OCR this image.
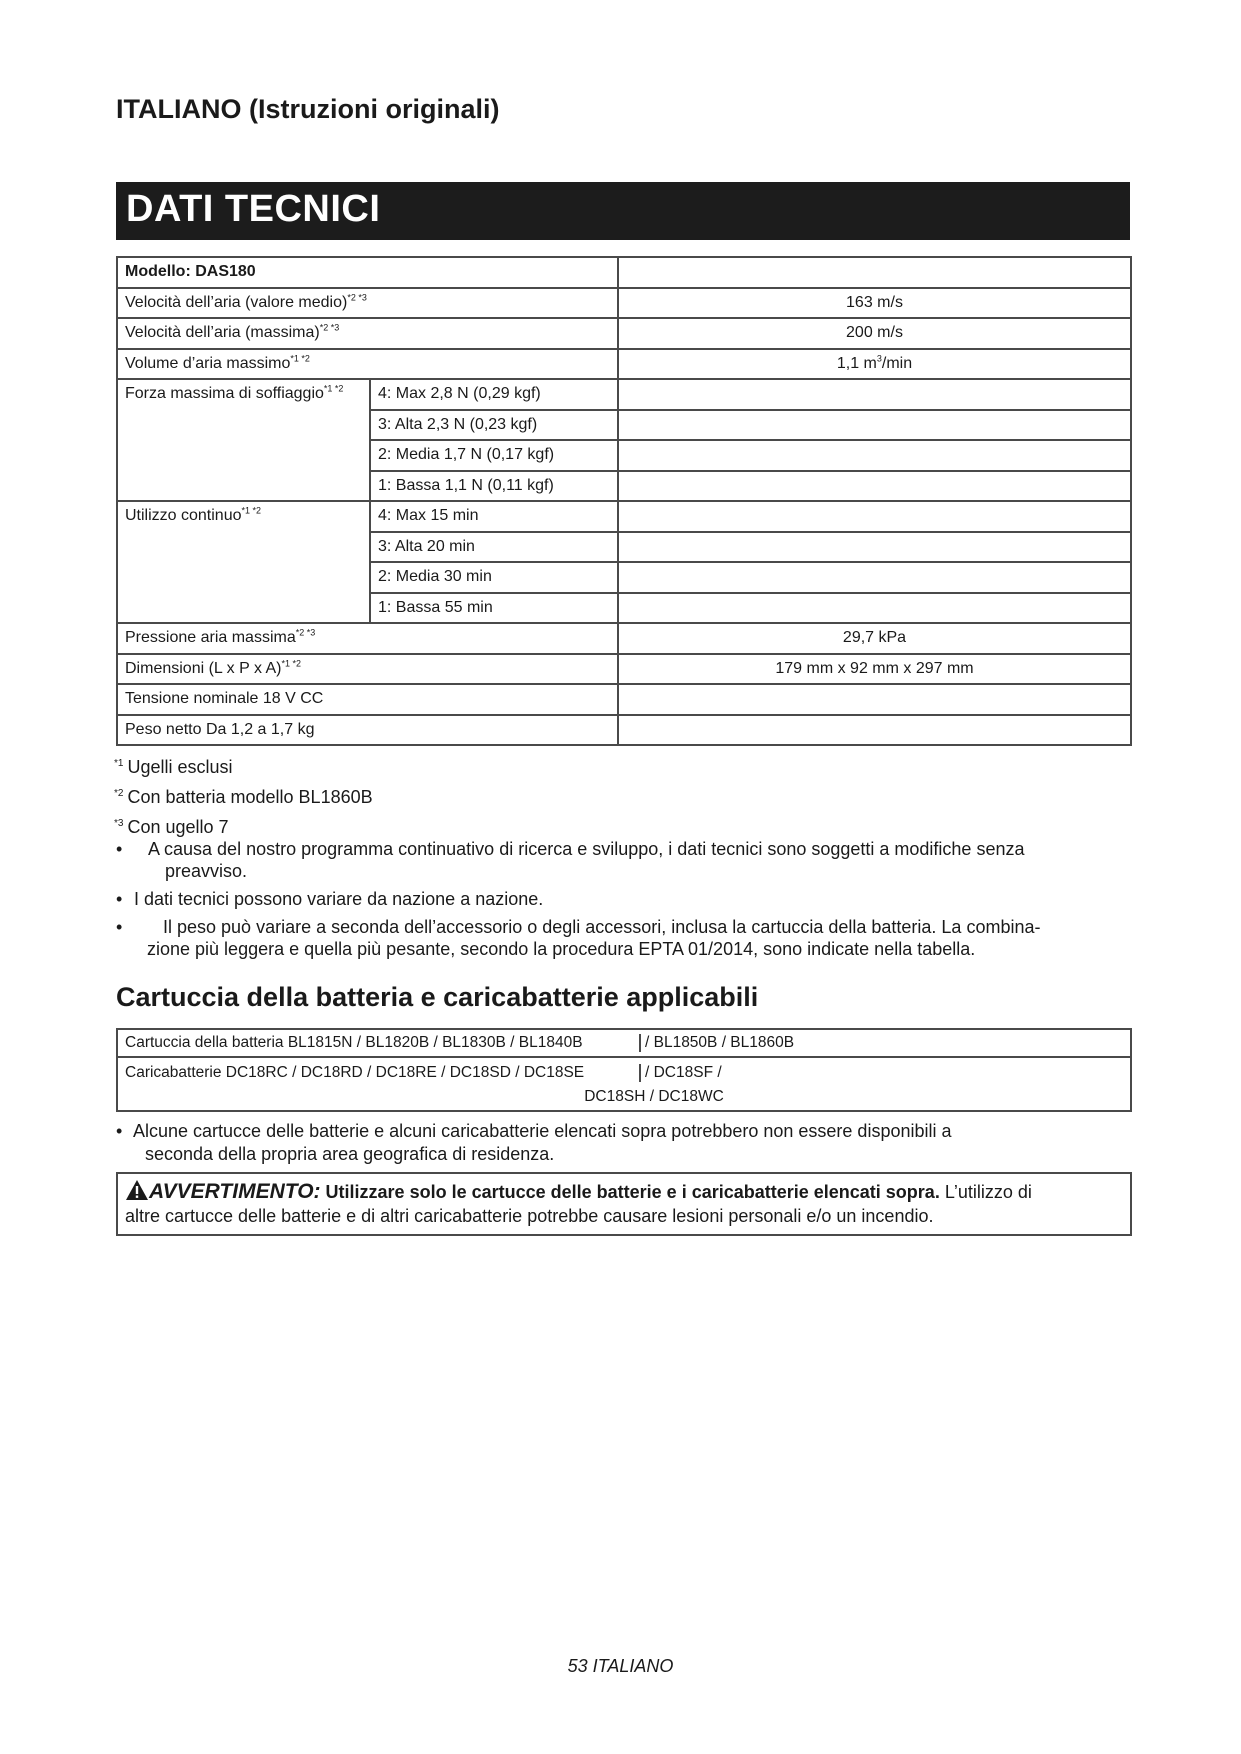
ITALIANO (Istruzioni originali)
DATI TECNICI
Modello: DAS180		
Velocità dell’aria (valore medio)$^{*2 *3}$		163 m/s
Velocità dell’aria (massima)$^{*2 *3}$		200 m/s
Volume d’aria massimo$^{*1 *2}$		1,1 $m^3/\min$
Forza massima di soffiaggio$^{*1 *2}$	4: Max 2,8 N (0,29 kgf)	
	3: Alta 2,3 N (0,23 kgf)	
	2: Media 1,7 N (0,17 kgf)	
	1: Bassa 1,1 N (0,11 kgf)	
Utilizzo continuo$^{*1 *2}$	4: Max 15 min	
	3: Alta 20 min	
	2: Media 30 min	
	1: Bassa 55 min	
Pressione aria massima$^{*2 *3}$		29,7 kPa
Dimensioni (L x P x A)$^{*1 *2}$		179 mm x 92 mm x 297 mm
Tensione nominale 18 V CC		
Peso netto Da 1,2 a 1,7 kg		
$^{*1}$ Ugelli esclusi
$^{*2}$ Con batteria modello BL1860B
$^{*3}$ Con ugello 7
•	A causa del nostro programma continuativo di ricerca e sviluppo, i dati tecnici sono soggetti a modifiche senza
preavviso.
• I dati tecnici possono variare da nazione a nazione.
•	Il peso può variare a seconda dell’accessorio o degli accessori, inclusa la cartuccia della batteria. La combina-
zione più leggera e quella più pesante, secondo la procedura EPTA 01/2014, sono indicate nella tabella.
Cartuccia della batteria e caricabatterie applicabili
Cartuccia della batteria BL1815N / BL1820B / BL1830B / BL1840B	/ BL1850B / BL1860B
Caricabatterie DC18RC / DC18RD / DC18RE / DC18SD / DC18SE	/ DC18SF /
DC18SH / DC18WC
• Alcune cartucce delle batterie e alcuni caricabatterie elencati sopra potrebbero non essere disponibili a
seconda della propria area geografica di residenza.
AVVERTIMENTO: Utilizzare solo le cartucce delle batterie e i caricabatterie elencati sopra. L’utilizzo di
altre cartucce delle batterie e di altri caricabatterie potrebbe causare lesioni personali e/o un incendio.
53 ITALIANO
